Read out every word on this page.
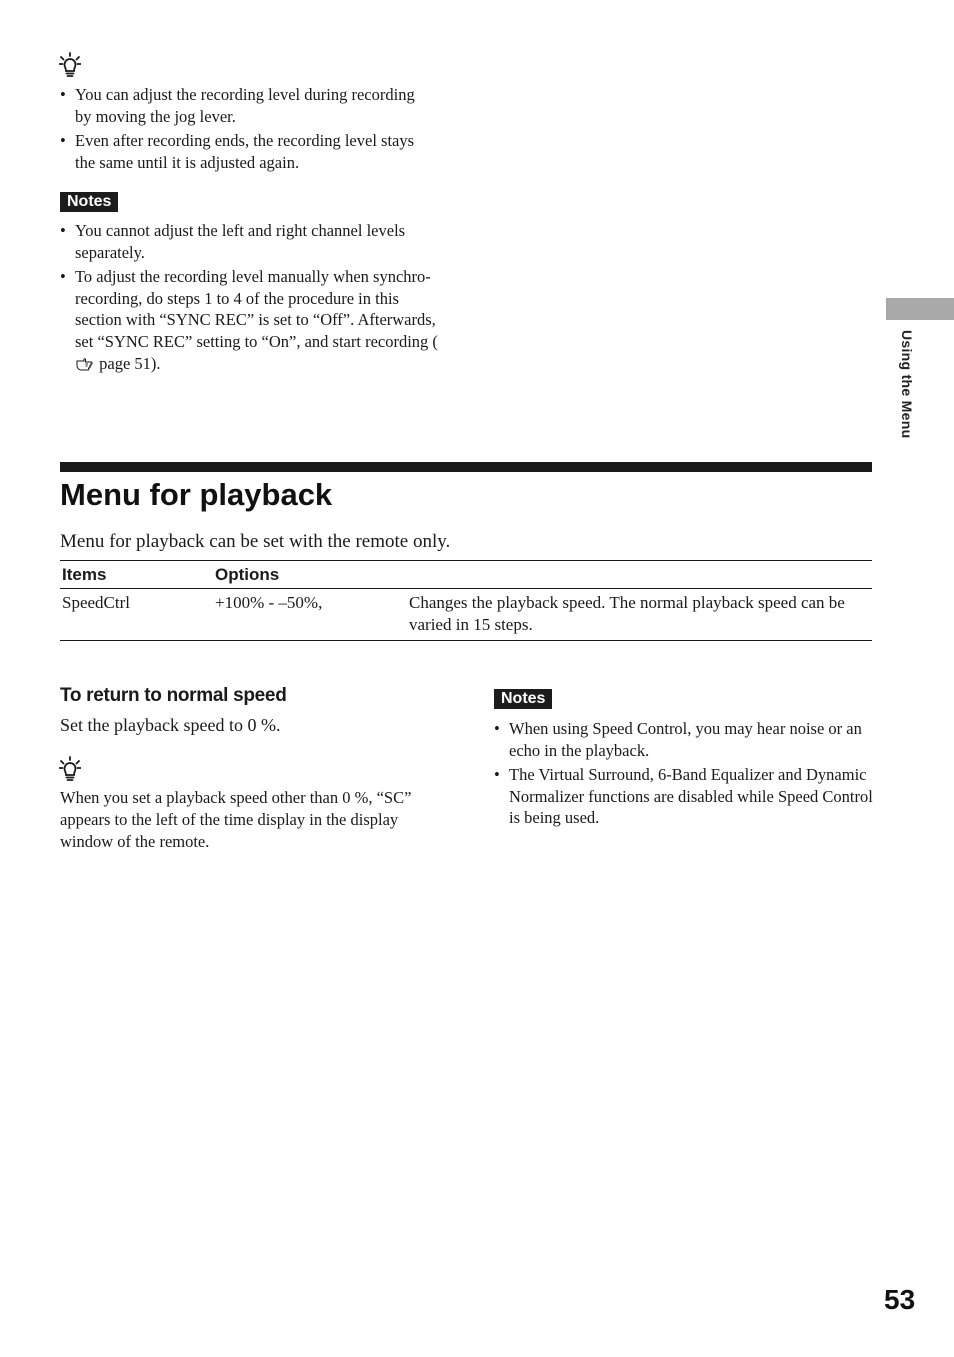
• You can adjust the recording level during recording by moving the jog lever.
• Even after recording ends, the recording level stays the same until it is adjusted again.
Notes
• You cannot adjust the left and right channel levels separately.
• To adjust the recording level manually when synchro-recording, do steps 1 to 4 of the procedure in this section with “SYNC REC” is set to “Off”. Afterwards, set “SYNC REC” setting to “On”, and start recording ( page 51).	Using the Menu
Menu for playback
Menu for playback can be set with the remote only.
Items	Options	
SpeedCtrl	+100% - –50%,	Changes the playback speed. The normal playback speed can be varied in 15 steps.
To return to normal speed
Set the playback speed to 0 %.
When you set a playback speed other than 0 %, “SC” appears to the left of the time display in the display window of the remote.
Notes
• When using Speed Control, you may hear noise or an echo in the playback.
• The Virtual Surround, 6-Band Equalizer and Dynamic Normalizer functions are disabled while Speed Control is being used.
53
